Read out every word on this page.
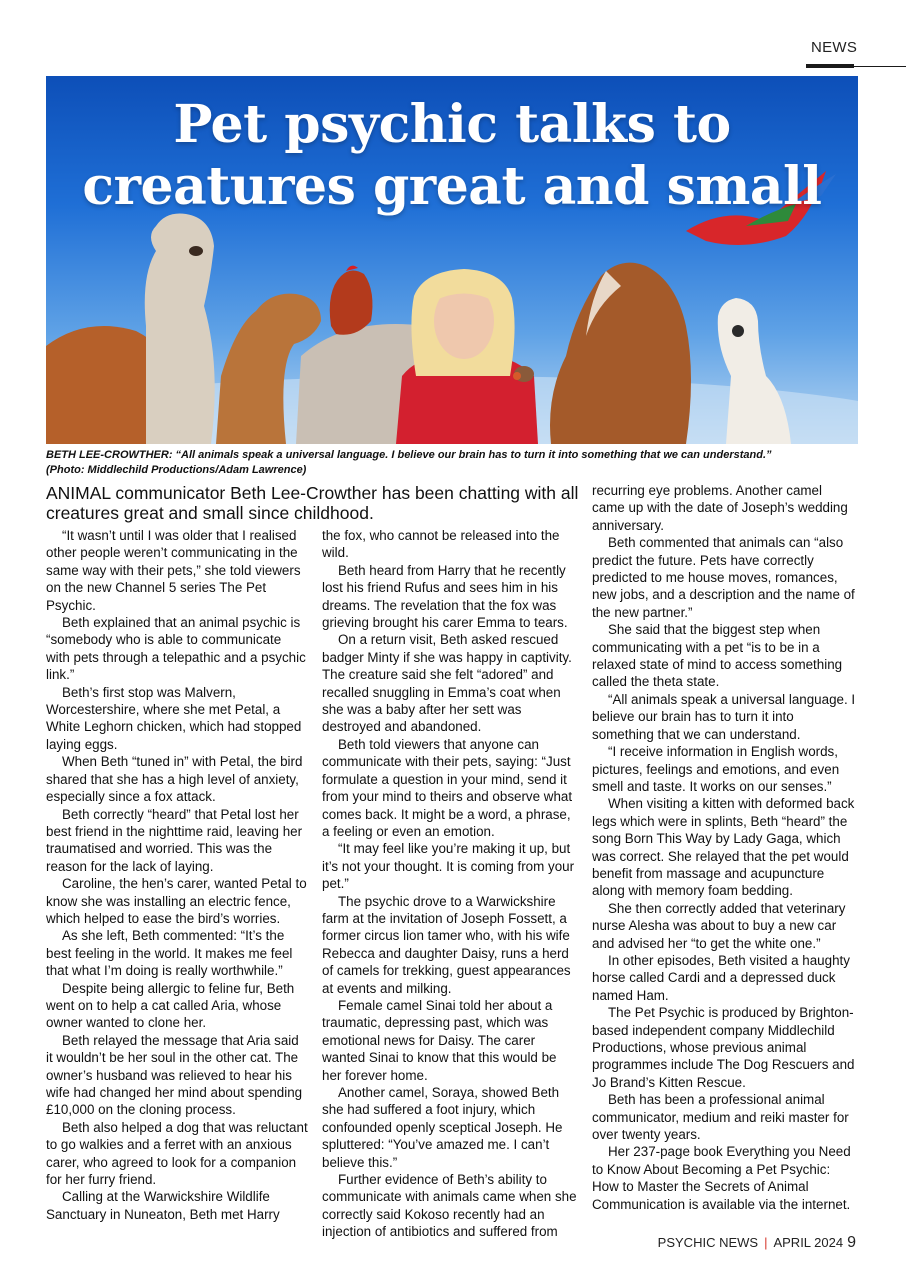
NEWS
Pet psychic talks to creatures great and small
BETH LEE-CROWTHER: “All animals speak a universal language. I believe our brain has to turn it into something that we can understand.”
(Photo: Middlechild Productions/Adam Lawrence)
ANIMAL communicator Beth Lee-Crowther has been chatting with all creatures great and small since childhood.

“It wasn’t until I was older that I realised other people weren’t communicating in the same way with their pets,” she told viewers on the new Channel 5 series The Pet Psychic.

Beth explained that an animal psychic is “somebody who is able to communicate with pets through a telepathic and a psychic link.”

Beth’s first stop was Malvern, Worcestershire, where she met Petal, a White Leghorn chicken, which had stopped laying eggs.

When Beth “tuned in” with Petal, the bird shared that she has a high level of anxiety, especially since a fox attack.

Beth correctly “heard” that Petal lost her best friend in the nighttime raid, leaving her traumatised and worried. This was the reason for the lack of laying.

Caroline, the hen’s carer, wanted Petal to know she was installing an electric fence, which helped to ease the bird’s worries.

As she left, Beth commented: “It’s the best feeling in the world. It makes me feel that what I’m doing is really worthwhile.”

Despite being allergic to feline fur, Beth went on to help a cat called Aria, whose owner wanted to clone her.

Beth relayed the message that Aria said it wouldn’t be her soul in the other cat. The owner’s husband was relieved to hear his wife had changed her mind about spending £10,000 on the cloning process.

Beth also helped a dog that was reluctant to go walkies and a ferret with an anxious carer, who agreed to look for a companion for her furry friend.

Calling at the Warwickshire Wildlife Sanctuary in Nuneaton, Beth met Harry

the fox, who cannot be released into the wild.

Beth heard from Harry that he recently lost his friend Rufus and sees him in his dreams. The revelation that the fox was grieving brought his carer Emma to tears.

On a return visit, Beth asked rescued badger Minty if she was happy in captivity. The creature said she felt “adored” and recalled snuggling in Emma’s coat when she was a baby after her sett was destroyed and abandoned.

Beth told viewers that anyone can communicate with their pets, saying: “Just formulate a question in your mind, send it from your mind to theirs and observe what comes back. It might be a word, a phrase, a feeling or even an emotion.

“It may feel like you’re making it up, but it’s not your thought. It is coming from your pet.”

The psychic drove to a Warwickshire farm at the invitation of Joseph Fossett, a former circus lion tamer who, with his wife Rebecca and daughter Daisy, runs a herd of camels for trekking, guest appearances at events and milking.

Female camel Sinai told her about a traumatic, depressing past, which was emotional news for Daisy. The carer wanted Sinai to know that this would be her forever home.

Another camel, Soraya, showed Beth she had suffered a foot injury, which confounded openly sceptical Joseph. He spluttered: “You’ve amazed me. I can’t believe this.”

Further evidence of Beth’s ability to communicate with animals came when she correctly said Kokoso recently had an injection of antibiotics and suffered from

recurring eye problems. Another camel came up with the date of Joseph’s wedding anniversary.

Beth commented that animals can “also predict the future. Pets have correctly predicted to me house moves, romances, new jobs, and a description and the name of the new partner.”

She said that the biggest step when communicating with a pet “is to be in a relaxed state of mind to access something called the theta state.

“All animals speak a universal language. I believe our brain has to turn it into something that we can understand.

“I receive information in English words, pictures, feelings and emotions, and even smell and taste. It works on our senses.”

When visiting a kitten with deformed back legs which were in splints, Beth “heard” the song Born This Way by Lady Gaga, which was correct. She relayed that the pet would benefit from massage and acupuncture along with memory foam bedding.

She then correctly added that veterinary nurse Alesha was about to buy a new car and advised her “to get the white one.”

In other episodes, Beth visited a haughty horse called Cardi and a depressed duck named Ham.

The Pet Psychic is produced by Brighton-based independent company Middlechild Productions, whose previous animal programmes include The Dog Rescuers and Jo Brand’s Kitten Rescue.

Beth has been a professional animal communicator, medium and reiki master for over twenty years.

Her 237-page book Everything you Need to Know About Becoming a Pet Psychic: How to Master the Secrets of Animal Communication is available via the internet.

PSYCHIC NEWS | APRIL 2024 9
